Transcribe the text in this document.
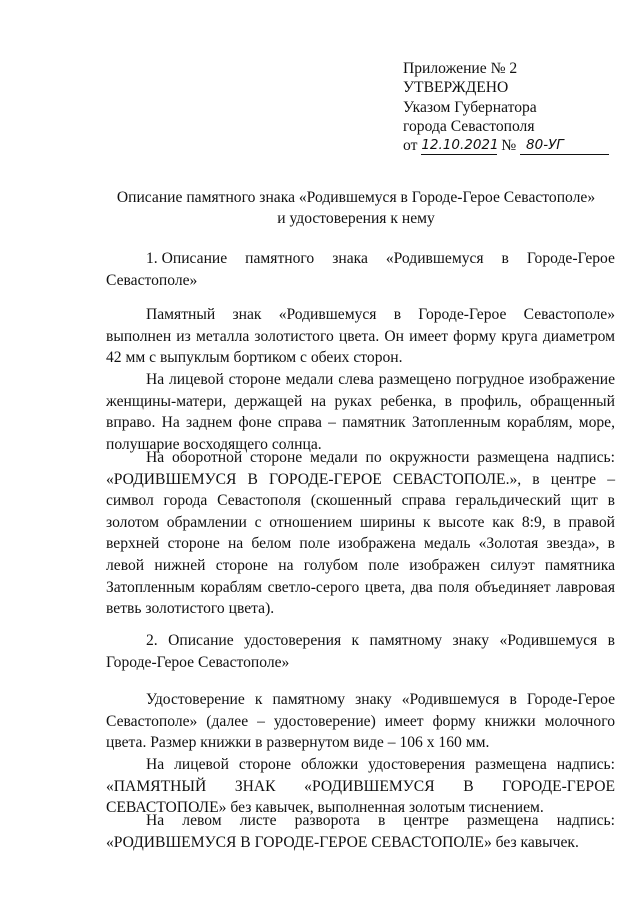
Приложение № 2
УТВЕРЖДЕНО
Указом Губернатора
города Севастополя
от 12.10.2021 № 80-УГ
Описание памятного знака «Родившемуся в Городе-Герое Севастополе»
и удостоверения к нему
1. Описание памятного знака «Родившемуся в Городе-Герое
Севастополе»
Памятный знак «Родившемуся в Городе-Герое Севастополе» выполнен из металла золотистого цвета. Он имеет форму круга диаметром 42 мм с выпуклым бортиком с обеих сторон.
На лицевой стороне медали слева размещено погрудное изображение женщины-матери, держащей на руках ребенка, в профиль, обращенный вправо. На заднем фоне справа – памятник Затопленным кораблям, море, полушарие восходящего солнца.
На оборотной стороне медали по окружности размещена надпись: «РОДИВШЕМУСЯ В ГОРОДЕ-ГЕРОЕ СЕВАСТОПОЛЕ.», в центре – символ города Севастополя (скошенный справа геральдический щит в золотом обрамлении с отношением ширины к высоте как 8:9, в правой верхней стороне на белом поле изображена медаль «Золотая звезда», в левой нижней стороне на голубом поле изображен силуэт памятника Затопленным кораблям светло-серого цвета, два поля объединяет лавровая ветвь золотистого цвета).
2. Описание удостоверения к памятному знаку «Родившемуся в Городе-Герое Севастополе»
Удостоверение к памятному знаку «Родившемуся в Городе-Герое Севастополе» (далее – удостоверение) имеет форму книжки молочного цвета. Размер книжки в развернутом виде – 106 х 160 мм.
На лицевой стороне обложки удостоверения размещена надпись: «ПАМЯТНЫЙ ЗНАК «РОДИВШЕМУСЯ В ГОРОДЕ-ГЕРОЕ СЕВАСТОПОЛЕ» без кавычек, выполненная золотым тиснением.
На левом листе разворота в центре размещена надпись:
«РОДИВШЕМУСЯ В ГОРОДЕ-ГЕРОЕ СЕВАСТОПОЛЕ» без кавычек.
